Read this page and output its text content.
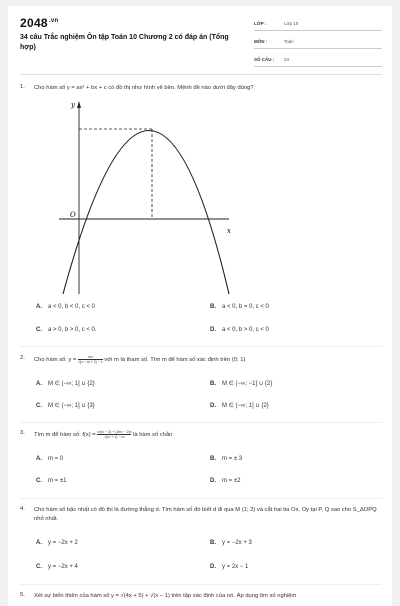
$2048^{.vn}$
34 câu Trắc nghiệm Ôn tập Toán 10 Chương 2 có đáp án (Tổng hợp)
LỚP :	Lớp 10
MÔN :	Toán
SỐ CÂU :	34
1. Cho hàm số y = ax² + bx + c có đồ thị như hình vẽ bên. Mệnh đề nào dưới đây đúng?
y
x
O
A. a < 0, b < 0, c < 0	B. a < 0, b = 0, c < 0
C. a > 0, b > 0, c < 0.	D. a < 0, b > 0, c < 0
2. Cho hàm số: $y = \frac{mx}{√(x - m + 2) - 1}$ với m là tham số. Tìm m để hàm số xác định trên (0; 1)
A. M ∈ (−∞; 1] ∪ {2}	B. M ∈ (−∞; −1] ∪ {2}
C. M ∈ (−∞; 1] ∪ {3}	D. M ∈ (−∞; 1] ∪ {2}
3. Tìm m để hàm số: $f(x) = \frac{\text{x²(x² − 2) + (2m² − 2)x}}{\text{√(x² + 1) − m}}$ là hàm số chẵn
A. m = 0	B. m = ± 3
C. m = ±1	D. m = ±2
4. Cho hàm số bậc nhất có đồ thị là đường thẳng d. Tìm hàm số đó biết d đi qua M (1; 2) và cắt hai tia Ox, Oy tại P, Q sao cho S_ΔOPQ nhỏ nhất.
A. y = −2x + 2	B. y = −2x + 3
C. y = −2x + 4	D. y = 2x − 1
5. Xét sự biến thiên của hàm số y = √(4x + 5) + √(x − 1) trên tập xác định của nó. Áp dụng tìm số nghiệm
